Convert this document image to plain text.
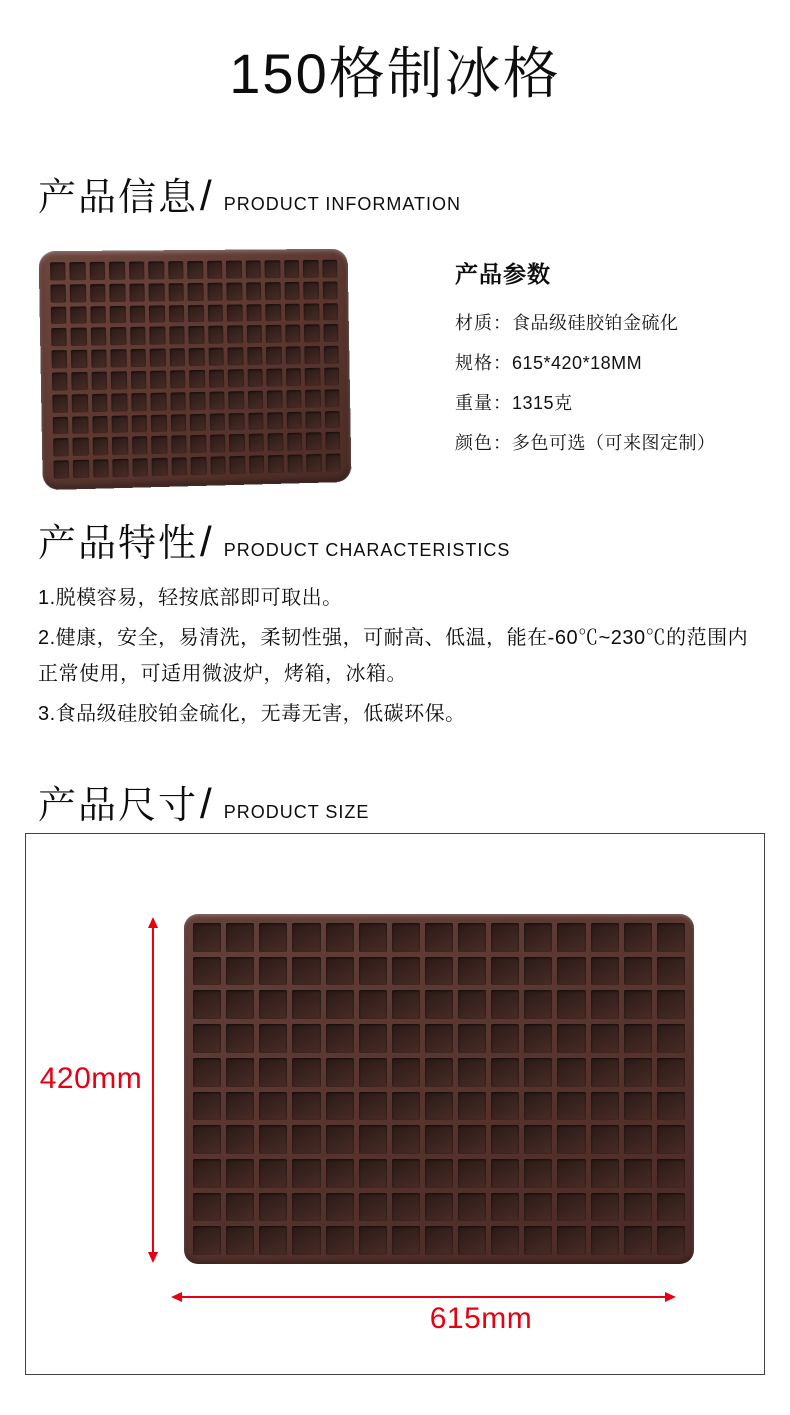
150格制冰格
产品信息 / PRODUCT INFORMATION
产品参数
材质： 食品级硅胶铂金硫化
规格： 615*420*18MM
重量： 1315克
颜色： 多色可选（可来图定制）
产品特性 / PRODUCT CHARACTERISTICS
1.脱模容易，轻按底部即可取出。
2.健康，安全，易清洗，柔韧性强，可耐高、低温，能在-60℃~230℃的范围内正常使用，可适用微波炉，烤箱，冰箱。
3.食品级硅胶铂金硫化，无毒无害，低碳环保。
产品尺寸 / PRODUCT SIZE
420mm
615mm
